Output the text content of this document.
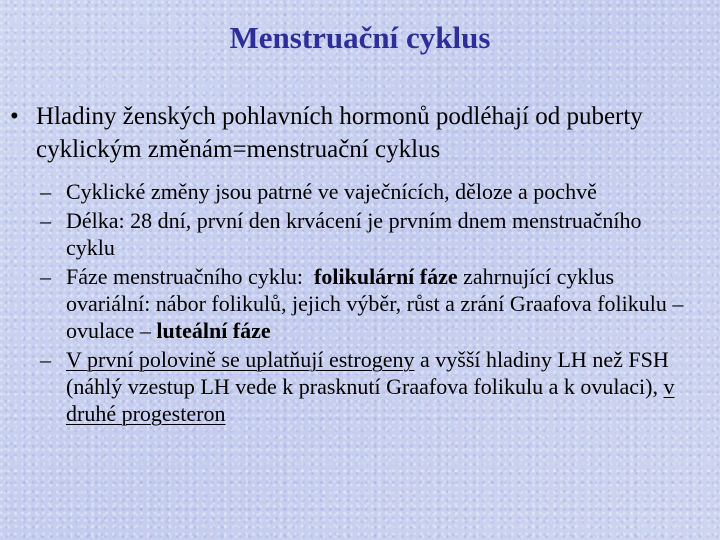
Menstruační cyklus
• Hladiny ženských pohlavních hormonů podléhají od puberty cyklickým změnám=menstruační cyklus
– Cyklické změny jsou patrné ve vaječnících, děloze a pochvě
– Délka: 28 dní, první den krvácení je prvním dnem menstruačního cyklu
– Fáze menstruačního cyklu:  folikulární fáze zahrnující cyklus ovariální: nábor folikulů, jejich výběr, růst a zrání Graafova folikulu – ovulace – luteální fáze
– V první polovině se uplatňují estrogeny a vyšší hladiny LH než FSH (náhlý vzestup LH vede k prasknutí Graafova folikulu a k ovulaci), v druhé progesteron
